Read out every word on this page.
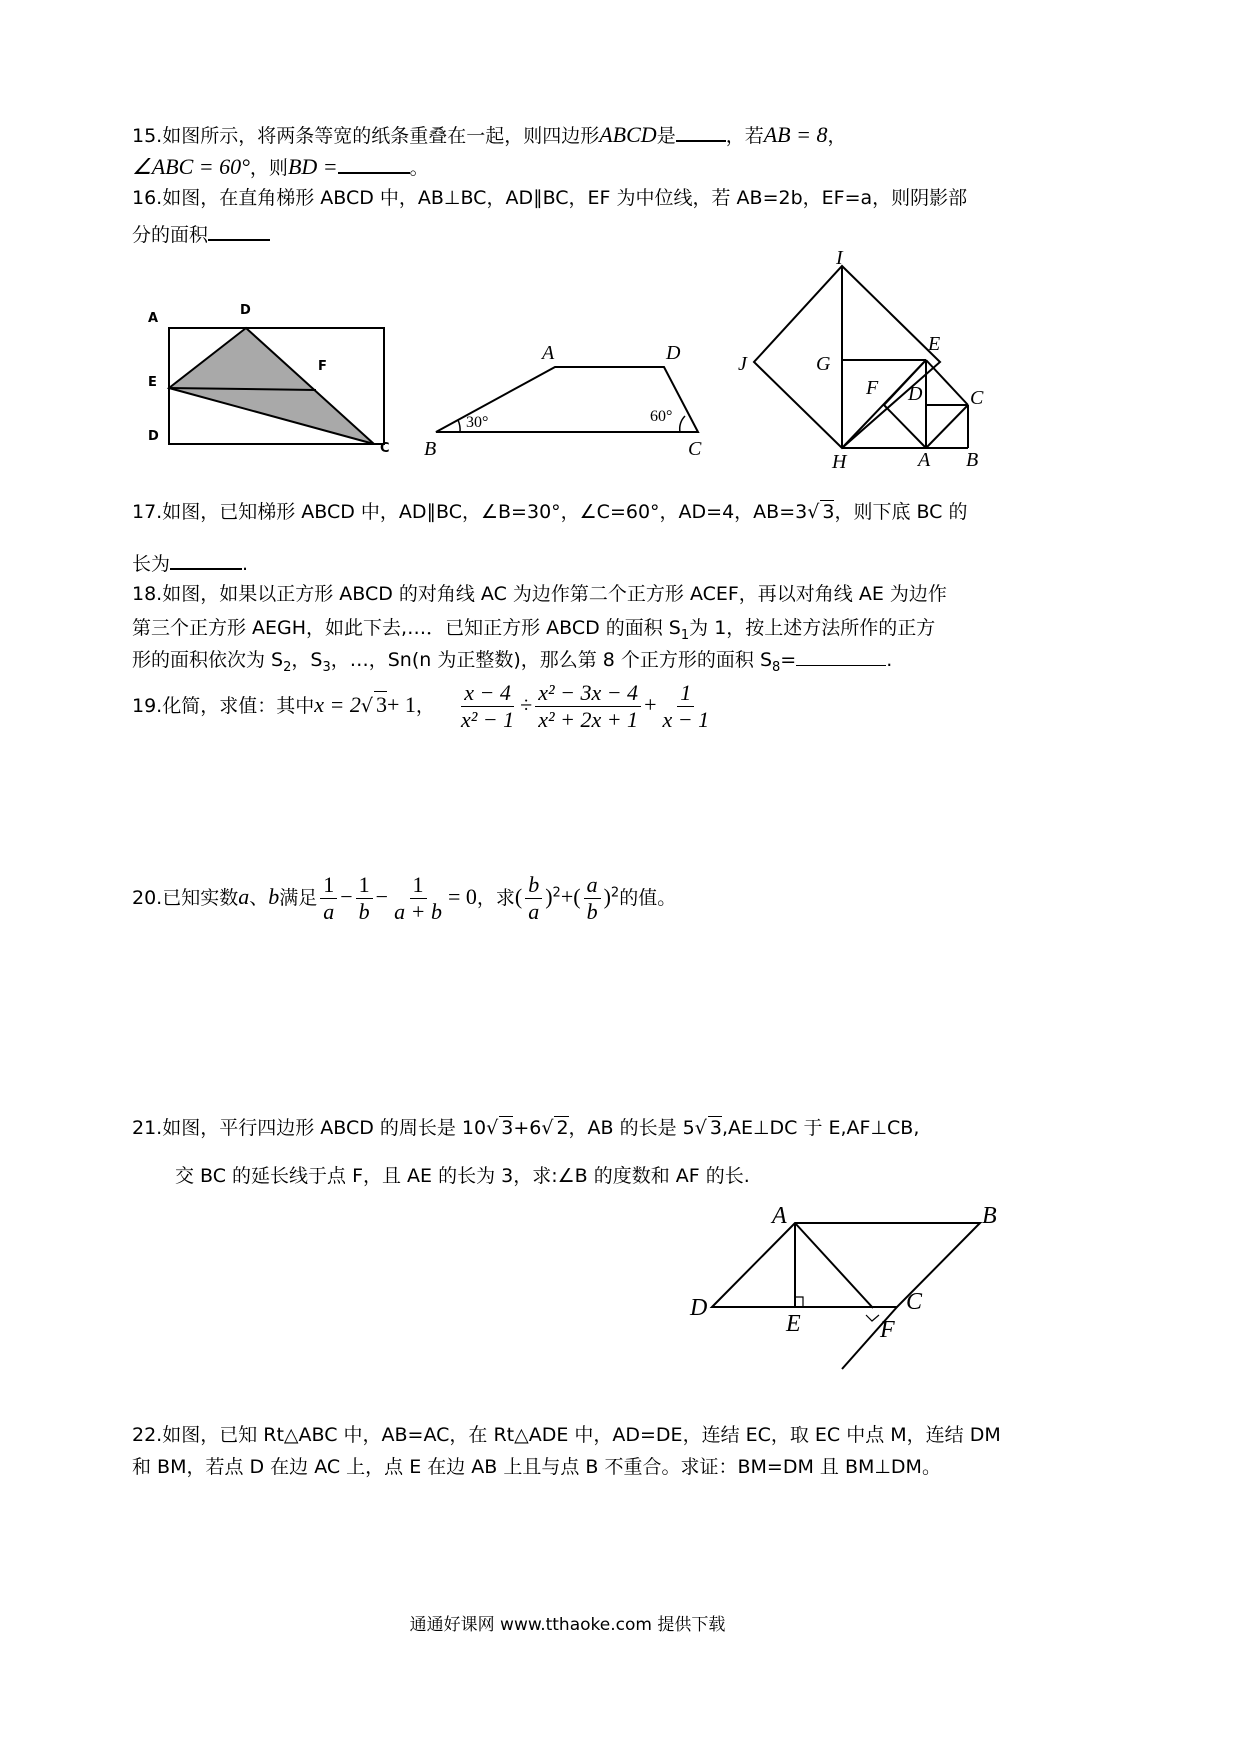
15.如图所示，将两条等宽的纸条重叠在一起，则四边形ABCD是	，若AB = 8，
∠ABC = 60°，则BD =	。
16.如图，在直角梯形 ABCD 中，AB⊥BC，AD∥BC，EF 为中位线，若 AB=2b，EF=a，则阴影部
分的面积
A
D
E
F
D
C
A	D
B	C
30°	60°
I
E
G
J
F D C
H	A B
17.如图，已知梯形 ABCD 中，AD∥BC，∠B=30°，∠C=60°，AD=4，AB=3√ 3，则下底 BC 的
长为	.
18.如图，如果以正方形 ABCD 的对角线 AC 为边作第二个正方形 ACEF，再以对角线 AE 为边作
第三个正方形 AEGH，如此下去,…．已知正方形 ABCD 的面积 $S_1$为 1，按上述方法所作的正方
形的面积依次为 $S_2$，$S_3$，…，Sn(n 为正整数)，那么第 8 个正方形的面积 $S_8=$	.
19.化简，求值：其中x = 2√ 3+ 1， $\frac{x - 4}{\text{x² − 1}} \div \frac{\text{x² − 3x − 4}}{\text{x² + 2x + 1}} + \frac{1}{x - 1}$
20.已知实数a、b满足 $\frac{1}{a} - \frac{1}{b} - \frac{1}{a + b} = 0$，求( $\frac{b}{a} )^2+( \frac{a}{b} )^2$的值。
21.如图，平行四边形 ABCD 的周长是 10√ 3+6√ 2，AB 的长是 5√ 3,AE⊥DC 于 E,AF⊥CB,
交 BC 的延长线于点 F，且 AE 的长为 3，求:∠B 的度数和 AF 的长.
A	B
D
E
C
F
22.如图，已知 Rt△ABC 中，AB=AC，在 Rt△ADE 中，AD=DE，连结 EC，取 EC 中点 M，连结 DM
和 BM，若点 D 在边 AC 上，点 E 在边 AB 上且与点 B 不重合。求证：BM=DM 且 BM⊥DM。
通通好课网 www.tthaoke.com 提供下载
